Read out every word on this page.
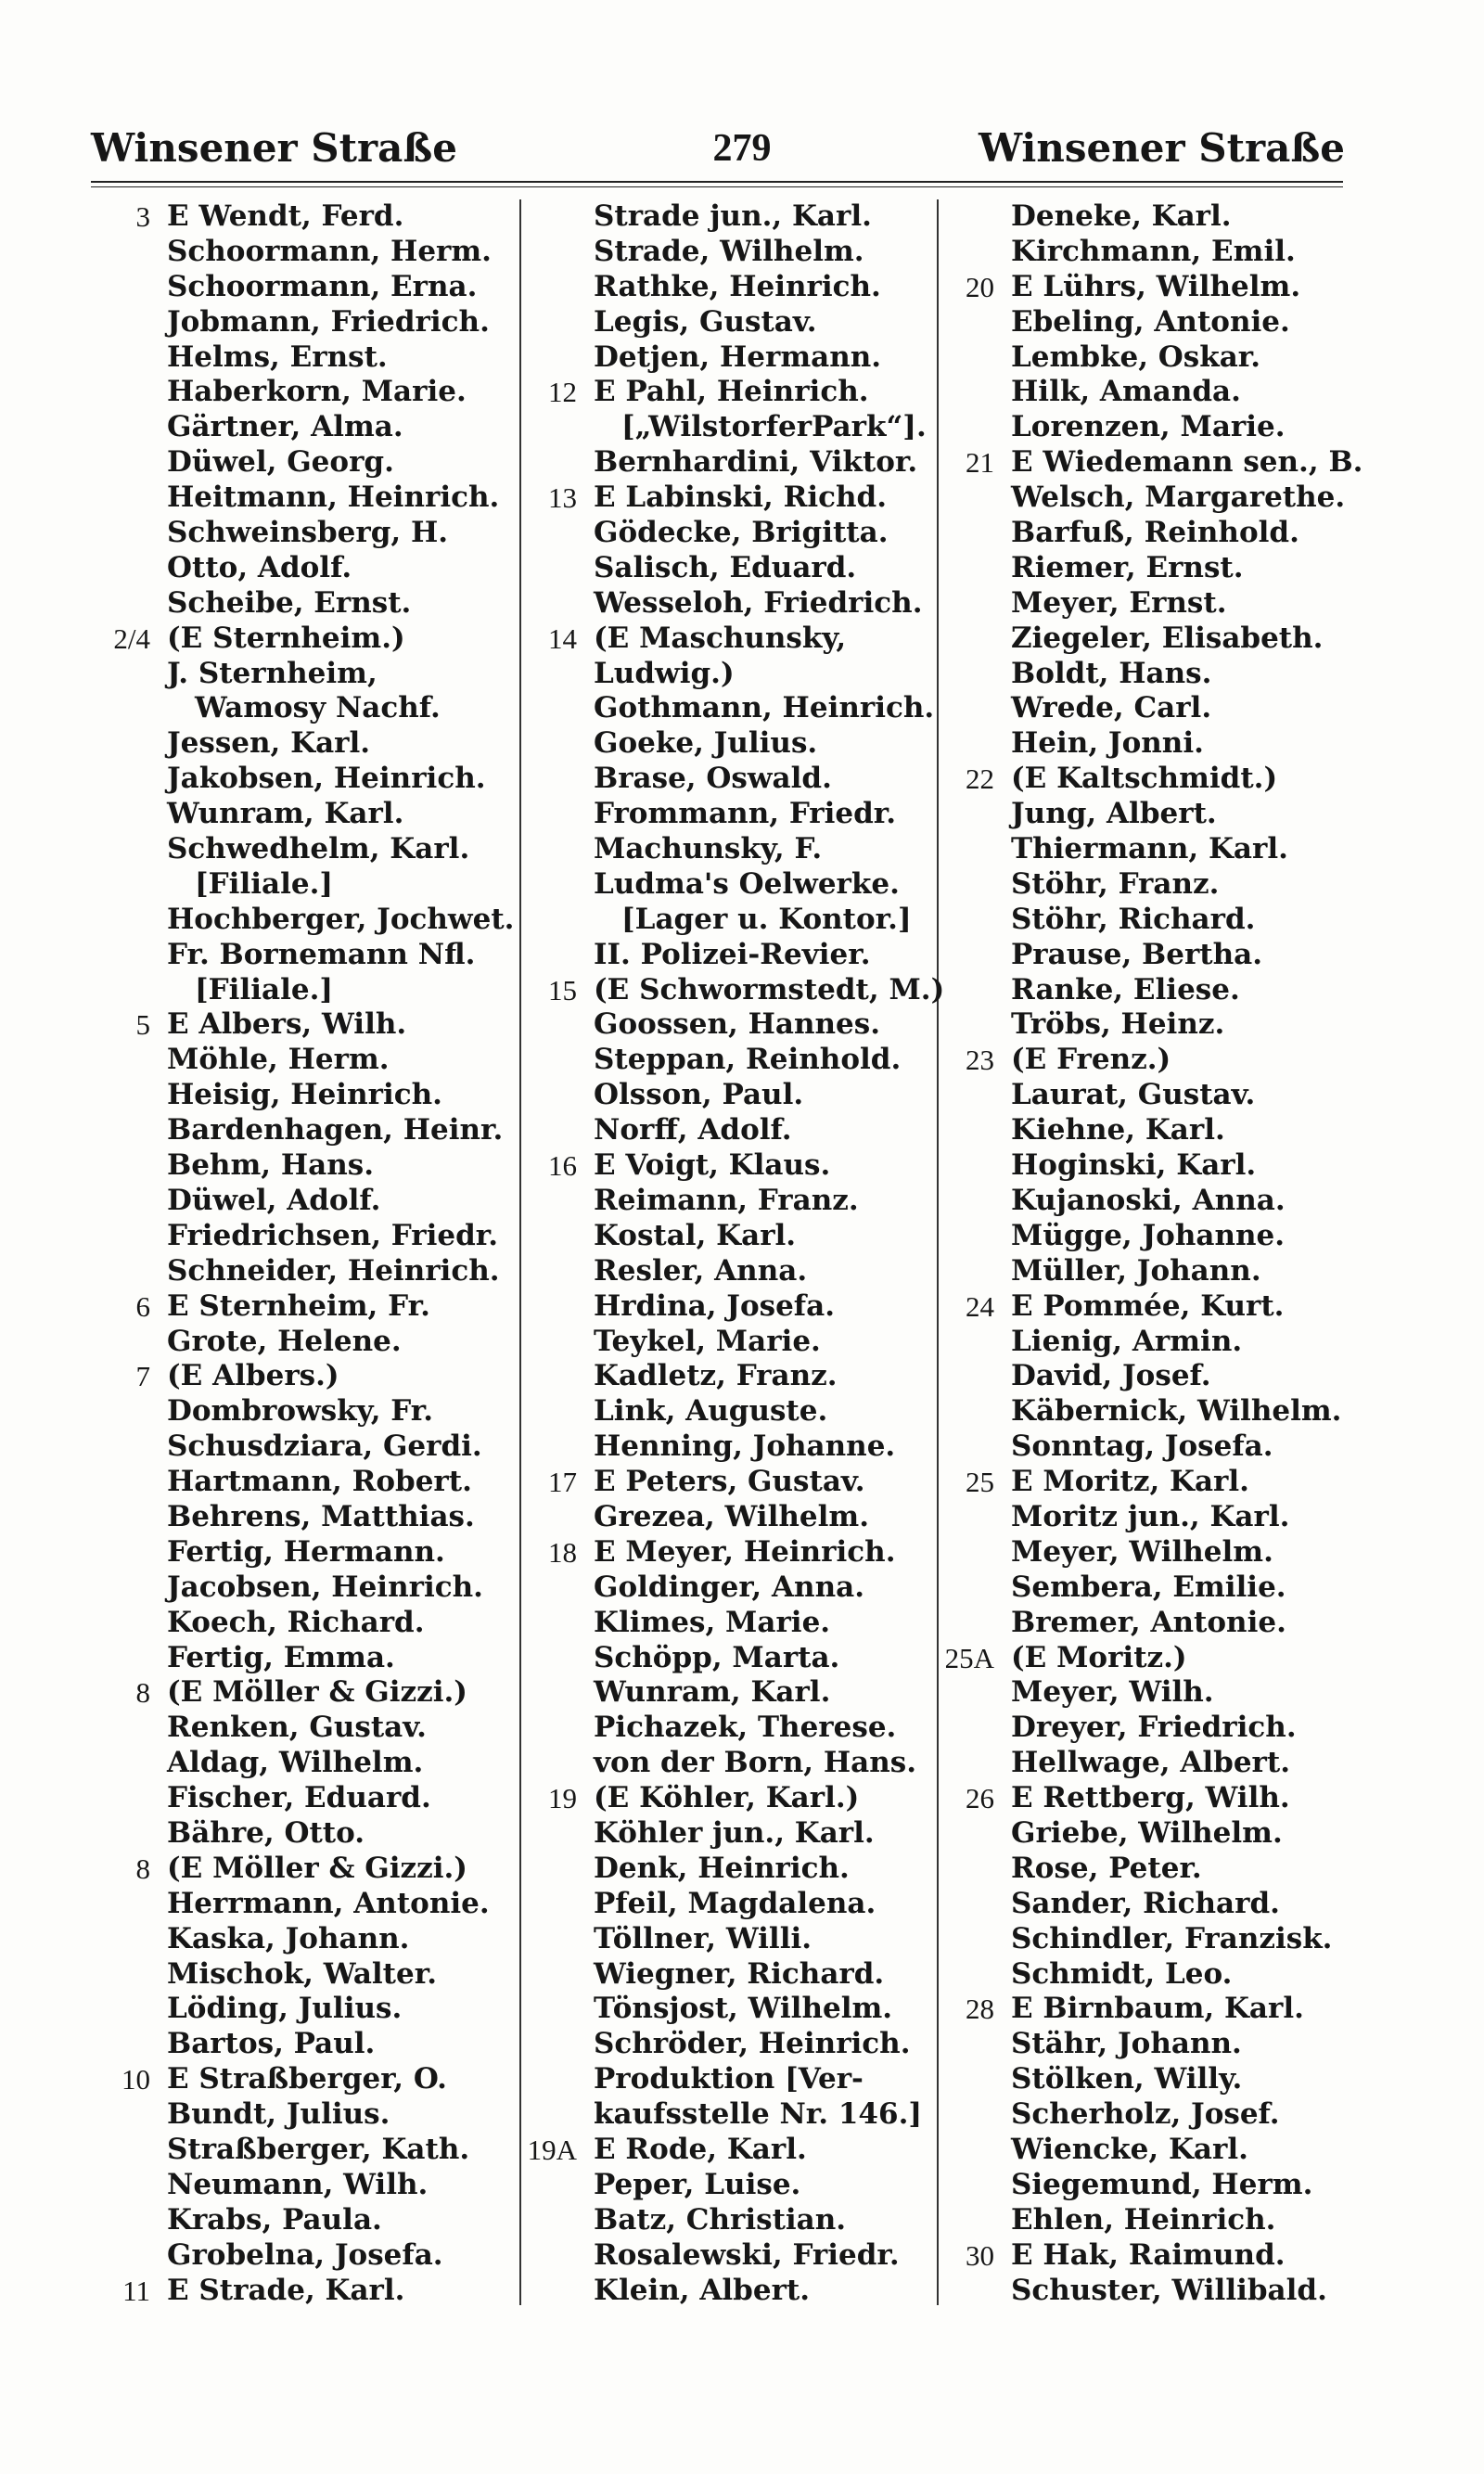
Winsener Straße	279	Winsener Straße
3 E Wendt, Ferd.
Schoormann, Herm.
Schoormann, Erna.
Jobmann, Friedrich.
Helms, Ernst.
Haberkorn, Marie.
Gärtner, Alma.
Düwel, Georg.
Heitmann, Heinrich.
Schweinsberg, H.
Otto, Adolf.
Scheibe, Ernst.
2/4 (E Sternheim.)
J. Sternheim,
Wamosy Nachf.
Jessen, Karl.
Jakobsen, Heinrich.
Wunram, Karl.
Schwedhelm, Karl.
[Filiale.]
Hochberger, Jochwet.
Fr. Bornemann Nfl.
[Filiale.]
5 E Albers, Wilh.
Möhle, Herm.
Heisig, Heinrich.
Bardenhagen, Heinr.
Behm, Hans.
Düwel, Adolf.
Friedrichsen, Friedr.
Schneider, Heinrich.
6 E Sternheim, Fr.
Grote, Helene.
7 (E Albers.)
Dombrowsky, Fr.
Schusdziara, Gerdi.
Hartmann, Robert.
Behrens, Matthias.
Fertig, Hermann.
Jacobsen, Heinrich.
Koech, Richard.
Fertig, Emma.
8 (E Möller & Gizzi.)
Renken, Gustav.
Aldag, Wilhelm.
Fischer, Eduard.
Bähre, Otto.
8 (E Möller & Gizzi.)
Herrmann, Antonie.
Kaska, Johann.
Mischok, Walter.
Löding, Julius.
Bartos, Paul.
10 E Straßberger, O.
Bundt, Julius.
Straßberger, Kath.
Neumann, Wilh.
Krabs, Paula.
Grobelna, Josefa.
11 E Strade, Karl.
Strade jun., Karl.
Strade, Wilhelm.
Rathke, Heinrich.
Legis, Gustav.
Detjen, Hermann.
12 E Pahl, Heinrich.
[„WilstorferPark“].
Bernhardini, Viktor.
13 E Labinski, Richd.
Gödecke, Brigitta.
Salisch, Eduard.
Wesseloh, Friedrich.
14 (E Maschunsky,
Ludwig.)
Gothmann, Heinrich.
Goeke, Julius.
Brase, Oswald.
Frommann, Friedr.
Machunsky, F.
Ludma's Oelwerke.
[Lager u. Kontor.]
II. Polizei-Revier.
15 (E Schwormstedt, M.)
Goossen, Hannes.
Steppan, Reinhold.
Olsson, Paul.
Norff, Adolf.
16 E Voigt, Klaus.
Reimann, Franz.
Kostal, Karl.
Resler, Anna.
Hrdina, Josefa.
Teykel, Marie.
Kadletz, Franz.
Link, Auguste.
Henning, Johanne.
17 E Peters, Gustav.
Grezea, Wilhelm.
18 E Meyer, Heinrich.
Goldinger, Anna.
Klimes, Marie.
Schöpp, Marta.
Wunram, Karl.
Pichazek, Therese.
von der Born, Hans.
19 (E Köhler, Karl.)
Köhler jun., Karl.
Denk, Heinrich.
Pfeil, Magdalena.
Töllner, Willi.
Wiegner, Richard.
Tönsjost, Wilhelm.
Schröder, Heinrich.
Produktion [Ver-
kaufsstelle Nr. 146.]
19A E Rode, Karl.
Peper, Luise.
Batz, Christian.
Rosalewski, Friedr.
Klein, Albert.
Deneke, Karl.
Kirchmann, Emil.
20 E Lührs, Wilhelm.
Ebeling, Antonie.
Lembke, Oskar.
Hilk, Amanda.
Lorenzen, Marie.
21 E Wiedemann sen., B.
Welsch, Margarethe.
Barfuß, Reinhold.
Riemer, Ernst.
Meyer, Ernst.
Ziegeler, Elisabeth.
Boldt, Hans.
Wrede, Carl.
Hein, Jonni.
22 (E Kaltschmidt.)
Jung, Albert.
Thiermann, Karl.
Stöhr, Franz.
Stöhr, Richard.
Prause, Bertha.
Ranke, Eliese.
Tröbs, Heinz.
23 (E Frenz.)
Laurat, Gustav.
Kiehne, Karl.
Hoginski, Karl.
Kujanoski, Anna.
Mügge, Johanne.
Müller, Johann.
24 E Pommée, Kurt.
Lienig, Armin.
David, Josef.
Käbernick, Wilhelm.
Sonntag, Josefa.
25 E Moritz, Karl.
Moritz jun., Karl.
Meyer, Wilhelm.
Sembera, Emilie.
Bremer, Antonie.
25A (E Moritz.)
Meyer, Wilh.
Dreyer, Friedrich.
Hellwage, Albert.
26 E Rettberg, Wilh.
Griebe, Wilhelm.
Rose, Peter.
Sander, Richard.
Schindler, Franzisk.
Schmidt, Leo.
28 E Birnbaum, Karl.
Stähr, Johann.
Stölken, Willy.
Scherholz, Josef.
Wiencke, Karl.
Siegemund, Herm.
Ehlen, Heinrich.
30 E Hak, Raimund.
Schuster, Willibald.
